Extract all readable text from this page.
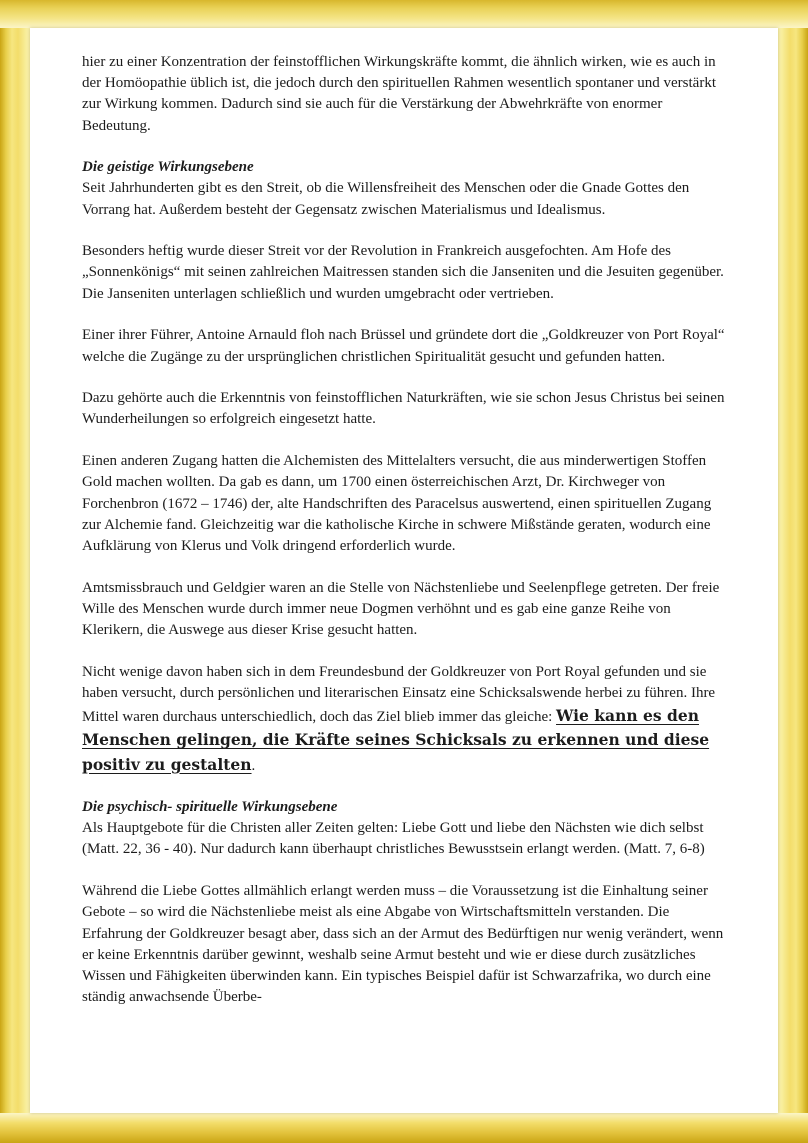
hier zu einer Konzentration der feinstofflichen Wirkungskräfte kommt, die ähnlich wirken, wie es auch in der Homöopathie üblich ist, die jedoch durch den spirituellen Rahmen wesentlich spontaner und verstärkt zur Wirkung kommen. Dadurch sind sie auch für die Verstärkung der Abwehrkräfte von enormer Bedeutung.

Die geistige Wirkungsebene

Seit Jahrhunderten gibt es den Streit, ob die Willensfreiheit des Menschen oder die Gnade Gottes den Vorrang hat. Außerdem besteht der Gegensatz zwischen Materialismus und Idealismus.

Besonders heftig wurde dieser Streit vor der Revolution in Frankreich ausgefochten. Am Hofe des „Sonnenkönigs“ mit seinen zahlreichen Maitressen standen sich die Janseniten und die Jesuiten gegenüber. Die Janseniten unterlagen schließlich und wurden umgebracht oder vertrieben.

Einer ihrer Führer, Antoine Arnauld floh nach Brüssel und gründete dort die „Goldkreuzer von Port Royal“ welche die Zugänge zu der ursprünglichen christlichen Spiritualität gesucht und gefunden hatten.

Dazu gehörte auch die Erkenntnis von feinstofflichen Naturkräften, wie sie schon Jesus Christus bei seinen Wunderheilungen so erfolgreich eingesetzt hatte.

Einen anderen Zugang hatten die Alchemisten des Mittelalters versucht, die aus minderwertigen Stoffen Gold machen wollten. Da gab es dann, um 1700 einen österreichischen Arzt, Dr. Kirchweger von Forchenbron (1672 – 1746) der, alte Handschriften des Paracelsus auswertend, einen spirituellen Zugang zur Alchemie fand. Gleichzeitig war die katholische Kirche in schwere Mißstände geraten, wodurch eine Aufklärung von Klerus und Volk dringend erforderlich wurde.

Amtsmissbrauch und Geldgier waren an die Stelle von Nächstenliebe und Seelenpflege getreten. Der freie Wille des Menschen wurde durch immer neue Dogmen verhöhnt und es gab eine ganze Reihe von Klerikern, die Auswege aus dieser Krise gesucht hatten.

Nicht wenige davon haben sich in dem Freundesbund der Goldkreuzer von Port Royal gefunden und sie haben versucht, durch persönlichen und literarischen Einsatz eine Schicksalswende herbei zu führen. Ihre Mittel waren durchaus unterschiedlich, doch das Ziel blieb immer das gleiche: Wie kann es den Menschen gelingen, die Kräfte seines Schicksals zu erkennen und diese positiv zu gestalten.

Die psychisch- spirituelle Wirkungsebene

Als Hauptgebote für die Christen aller Zeiten gelten: Liebe Gott und liebe den Nächsten wie dich selbst (Matt. 22, 36 - 40). Nur dadurch kann überhaupt christliches Bewusstsein erlangt werden. (Matt. 7, 6-8)

Während die Liebe Gottes allmählich erlangt werden muss – die Voraussetzung ist die Einhaltung seiner Gebote – so wird die Nächstenliebe meist als eine Abgabe von Wirtschaftsmitteln verstanden. Die Erfahrung der Goldkreuzer besagt aber, dass sich an der Armut des Bedürftigen nur wenig verändert, wenn er keine Erkenntnis darüber gewinnt, weshalb seine Armut besteht und wie er diese durch zusätzliches Wissen und Fähigkeiten überwinden kann. Ein typisches Beispiel dafür ist Schwarzafrika, wo durch eine ständig anwachsende Überbe-
